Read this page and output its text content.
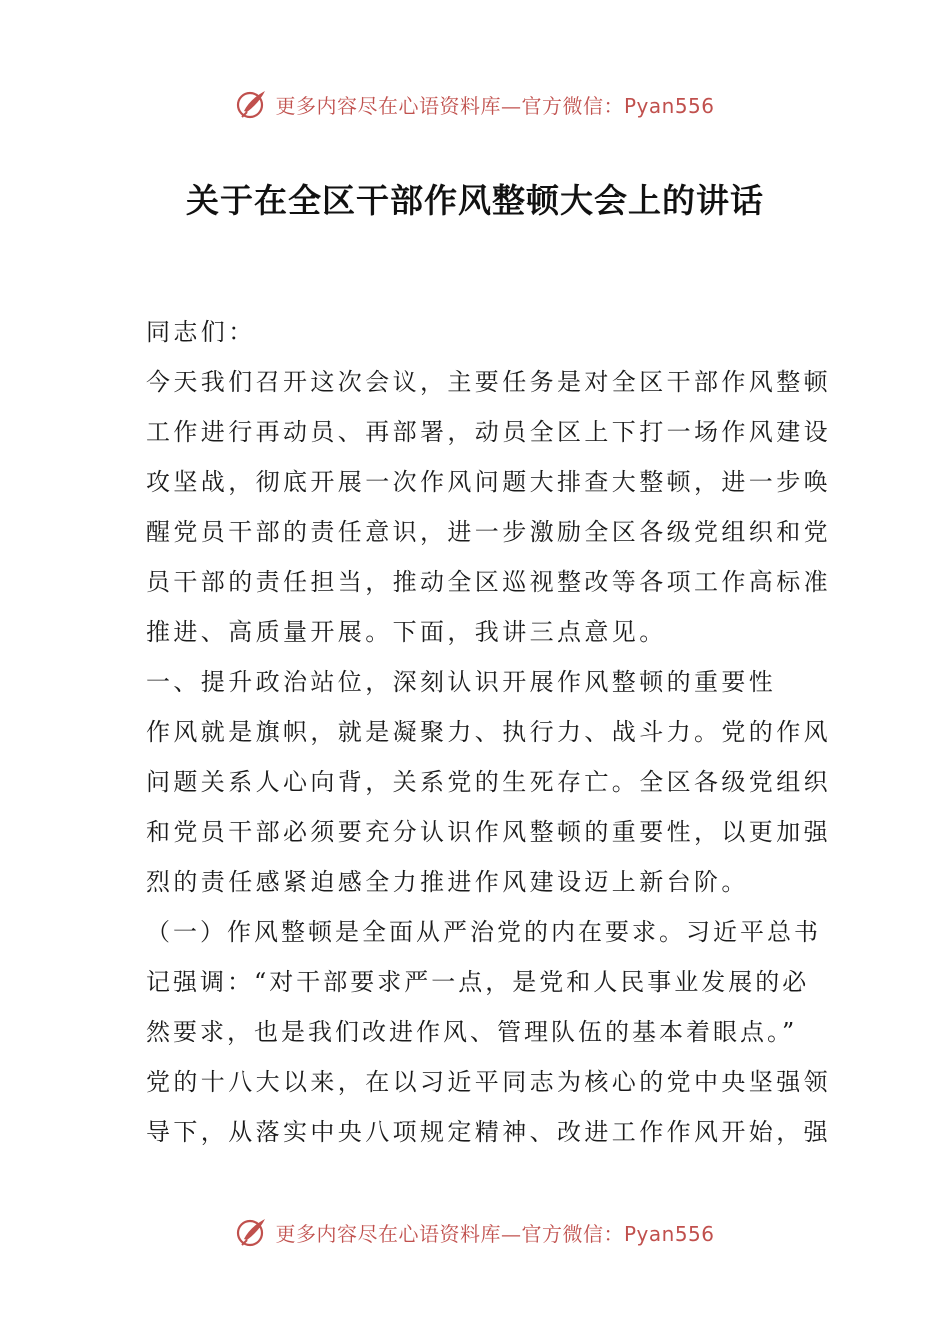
更多内容尽在心语资料库—官方微信：Pyan556
关于在全区干部作风整顿大会上的讲话
同志们：
今天我们召开这次会议，主要任务是对全区干部作风整顿
工作进行再动员、再部署，动员全区上下打一场作风建设
攻坚战，彻底开展一次作风问题大排查大整顿，进一步唤
醒党员干部的责任意识，进一步激励全区各级党组织和党
员干部的责任担当，推动全区巡视整改等各项工作高标准
推进、高质量开展。下面，我讲三点意见。
一、提升政治站位，深刻认识开展作风整顿的重要性
作风就是旗帜，就是凝聚力、执行力、战斗力。党的作风
问题关系人心向背，关系党的生死存亡。全区各级党组织
和党员干部必须要充分认识作风整顿的重要性，以更加强
烈的责任感紧迫感全力推进作风建设迈上新台阶。
（一）作风整顿是全面从严治党的内在要求。习近平总书
记强调：“对干部要求严一点，是党和人民事业发展的必
然要求，也是我们改进作风、管理队伍的基本着眼点。”
党的十八大以来，在以习近平同志为核心的党中央坚强领
导下，从落实中央八项规定精神、改进工作作风开始，强
更多内容尽在心语资料库—官方微信：Pyan556
